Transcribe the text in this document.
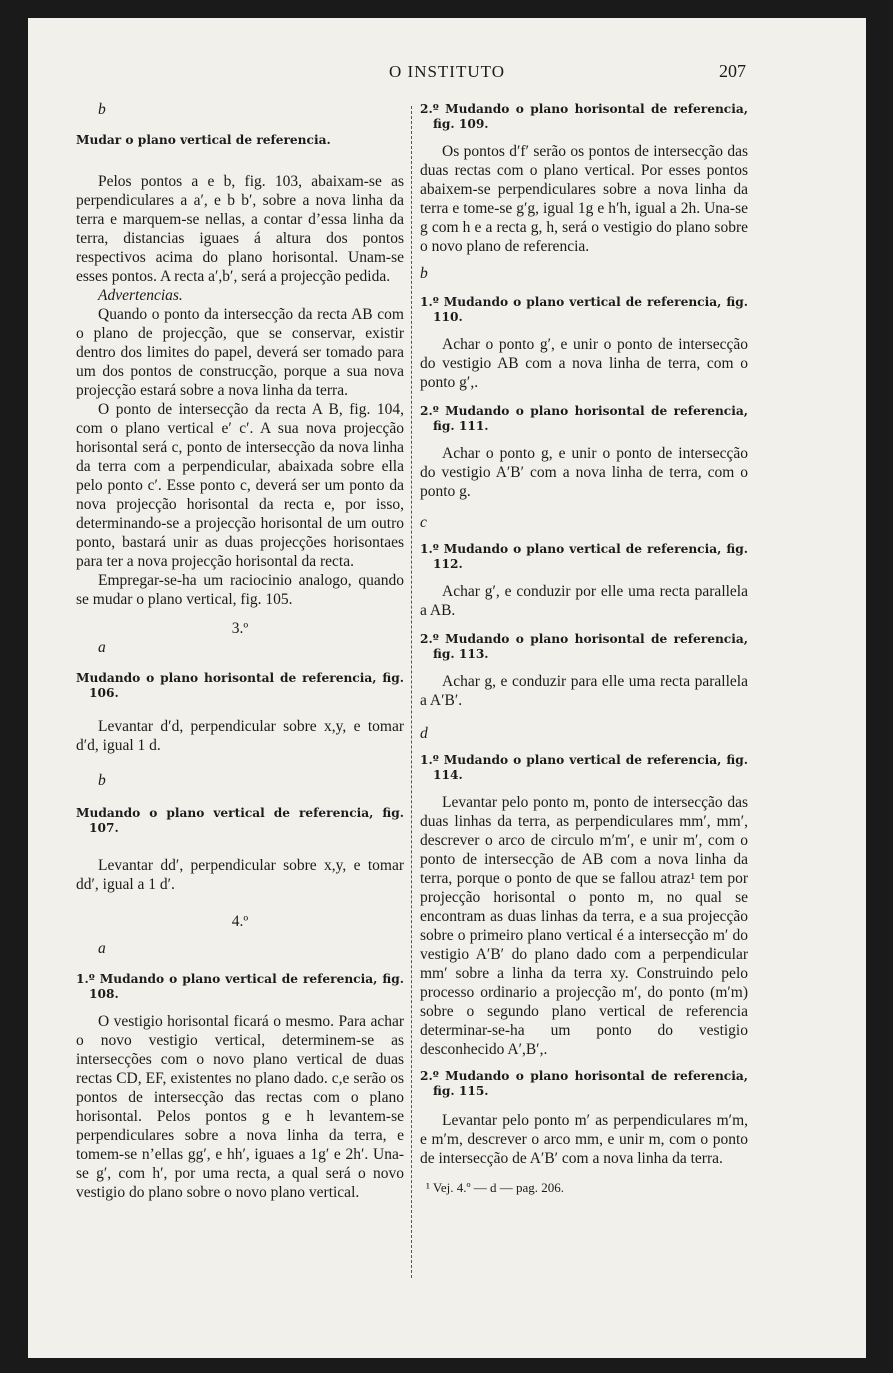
O INSTITUTO	207

b

Mudar o plano vertical de referencia.

Pelos pontos a e b, fig. 103, abaixam-se as perpendiculares a a′, e b b′, sobre a nova linha da terra e marquem-se nellas, a contar d’essa linha da terra, distancias iguaes á altura dos pontos respectivos acima do plano horisontal. Unam-se esses pontos. A recta a′,b′, será a projecção pedida.

Advertencias.

Quando o ponto da intersecção da recta AB com o plano de projecção, que se conservar, existir dentro dos limites do papel, deverá ser tomado para um dos pontos de construcção, porque a sua nova projecção estará sobre a nova linha da terra.

O ponto de intersecção da recta A B, fig. 104, com o plano vertical e′ c′. A sua nova projecção horisontal será c, ponto de intersecção da nova linha da terra com a perpendicular, abaixada sobre ella pelo ponto c′. Esse ponto c, deverá ser um ponto da nova projecção horisontal da recta e, por isso, determinando-se a projecção horisontal de um outro ponto, bastará unir as duas projecções horisontaes para ter a nova projecção horisontal da recta.

Empregar-se-ha um raciocinio analogo, quando se mudar o plano vertical, fig. 105.

3.º

a

Mudando o plano horisontal de referencia, fig. 106.

Levantar d′d, perpendicular sobre x,y, e tomar d′d, igual 1 d.

b

Mudando o plano vertical de referencia, fig. 107.

Levantar dd′, perpendicular sobre x,y, e tomar dd′, igual a 1 d′.

4.º

a

1.º Mudando o plano vertical de referencia, fig. 108.

O vestigio horisontal ficará o mesmo. Para achar o novo vestigio vertical, determinem-se as intersecções com o novo plano vertical de duas rectas CD, EF, existentes no plano dado. c,e serão os pontos de intersecção das rectas com o plano horisontal. Pelos pontos g e h levantem-se perpendiculares sobre a nova linha da terra, e tomem-se n’ellas gg′, e hh′, iguaes a 1g′ e 2h′. Una-se g′, com h′, por uma recta, a qual será o novo vestigio do plano sobre o novo plano vertical.

2.º Mudando o plano horisontal de referencia, fig. 109.

Os pontos d′f′ serão os pontos de intersecção das duas rectas com o plano vertical. Por esses pontos abaixem-se perpendiculares sobre a nova linha da terra e tome-se g′g, igual 1g e h′h, igual a 2h. Una-se g com h e a recta g, h, será o vestigio do plano sobre o novo plano de referencia.

b

1.º Mudando o plano vertical de referencia, fig. 110.

Achar o ponto g′, e unir o ponto de intersecção do vestigio AB com a nova linha de terra, com o ponto g′,.

2.º Mudando o plano horisontal de referencia, fig. 111.

Achar o ponto g, e unir o ponto de intersecção do vestigio A′B′ com a nova linha de terra, com o ponto g.

c

1.º Mudando o plano vertical de referencia, fig. 112.

Achar g′, e conduzir por elle uma recta parallela a AB.

2.º Mudando o plano horisontal de referencia, fig. 113.

Achar g, e conduzir para elle uma recta parallela a A′B′.

d

1.º Mudando o plano vertical de referencia, fig. 114.

Levantar pelo ponto m, ponto de intersecção das duas linhas da terra, as perpendiculares mm′, mm′, descrever o arco de circulo m′m′, e unir m′, com o ponto de intersecção de AB com a nova linha da terra, porque o ponto de que se fallou atraz¹ tem por projecção horisontal o ponto m, no qual se encontram as duas linhas da terra, e a sua projecção sobre o primeiro plano vertical é a intersecção m′ do vestigio A′B′ do plano dado com a perpendicular mm′ sobre a linha da terra xy. Construindo pelo processo ordinario a projecção m′, do ponto (m′m) sobre o segundo plano vertical de referencia determinar-se-ha um ponto do vestigio desconhecido A′,B′,.

2.º Mudando o plano horisontal de referencia, fig. 115.

Levantar pelo ponto m′ as perpendiculares m′m, e m′m, descrever o arco mm, e unir m, com o ponto de intersecção de A′B′ com a nova linha da terra.

¹ Vej. 4.º — d — pag. 206.
